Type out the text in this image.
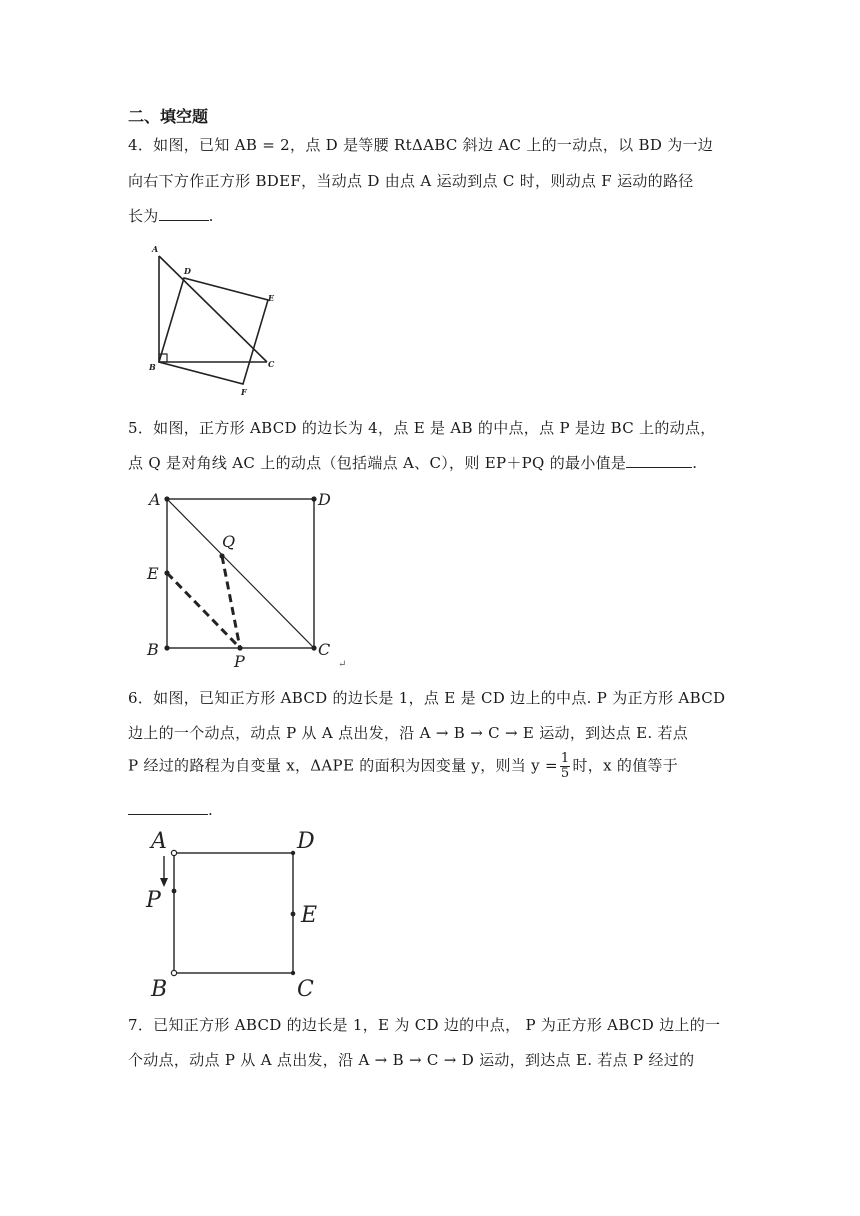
二、填空题
4．如图，已知 AB = 2，点 D 是等腰 RtΔABC 斜边 AC 上的一动点，以 BD 为一边
向右下方作正方形 BDEF，当动点 D 由点 A 运动到点 C 时，则动点 F 运动的路径
长为	.
A
D
E
B	C
F
5．如图，正方形 ABCD 的边长为 4，点 E 是 AB 的中点，点 P 是边 BC 上的动点，
点 Q 是对角线 AC 上的动点（包括端点 A、C），则 EP＋PQ 的最小值是	.
A	D
E
Q
B
P
C
↵
6．如图，已知正方形 ABCD 的边长是 1，点 E 是 CD 边上的中点. P 为正方形 ABCD
边上的一个动点，动点 P 从 A 点出发，沿 A → B → C → E 运动，到达点 E. 若点
P 经过的路程为自变量 x，ΔAPE 的面积为因变量 y，则当 $y = \frac{1}{5}$ 时，x 的值等于
.
A	D
P
E
B	C
7．已知正方形 ABCD 的边长是 1，E 为 CD 边的中点， P 为正方形 ABCD 边上的一
个动点，动点 P 从 A 点出发，沿 A → B → C → D 运动，到达点 E. 若点 P 经过的
